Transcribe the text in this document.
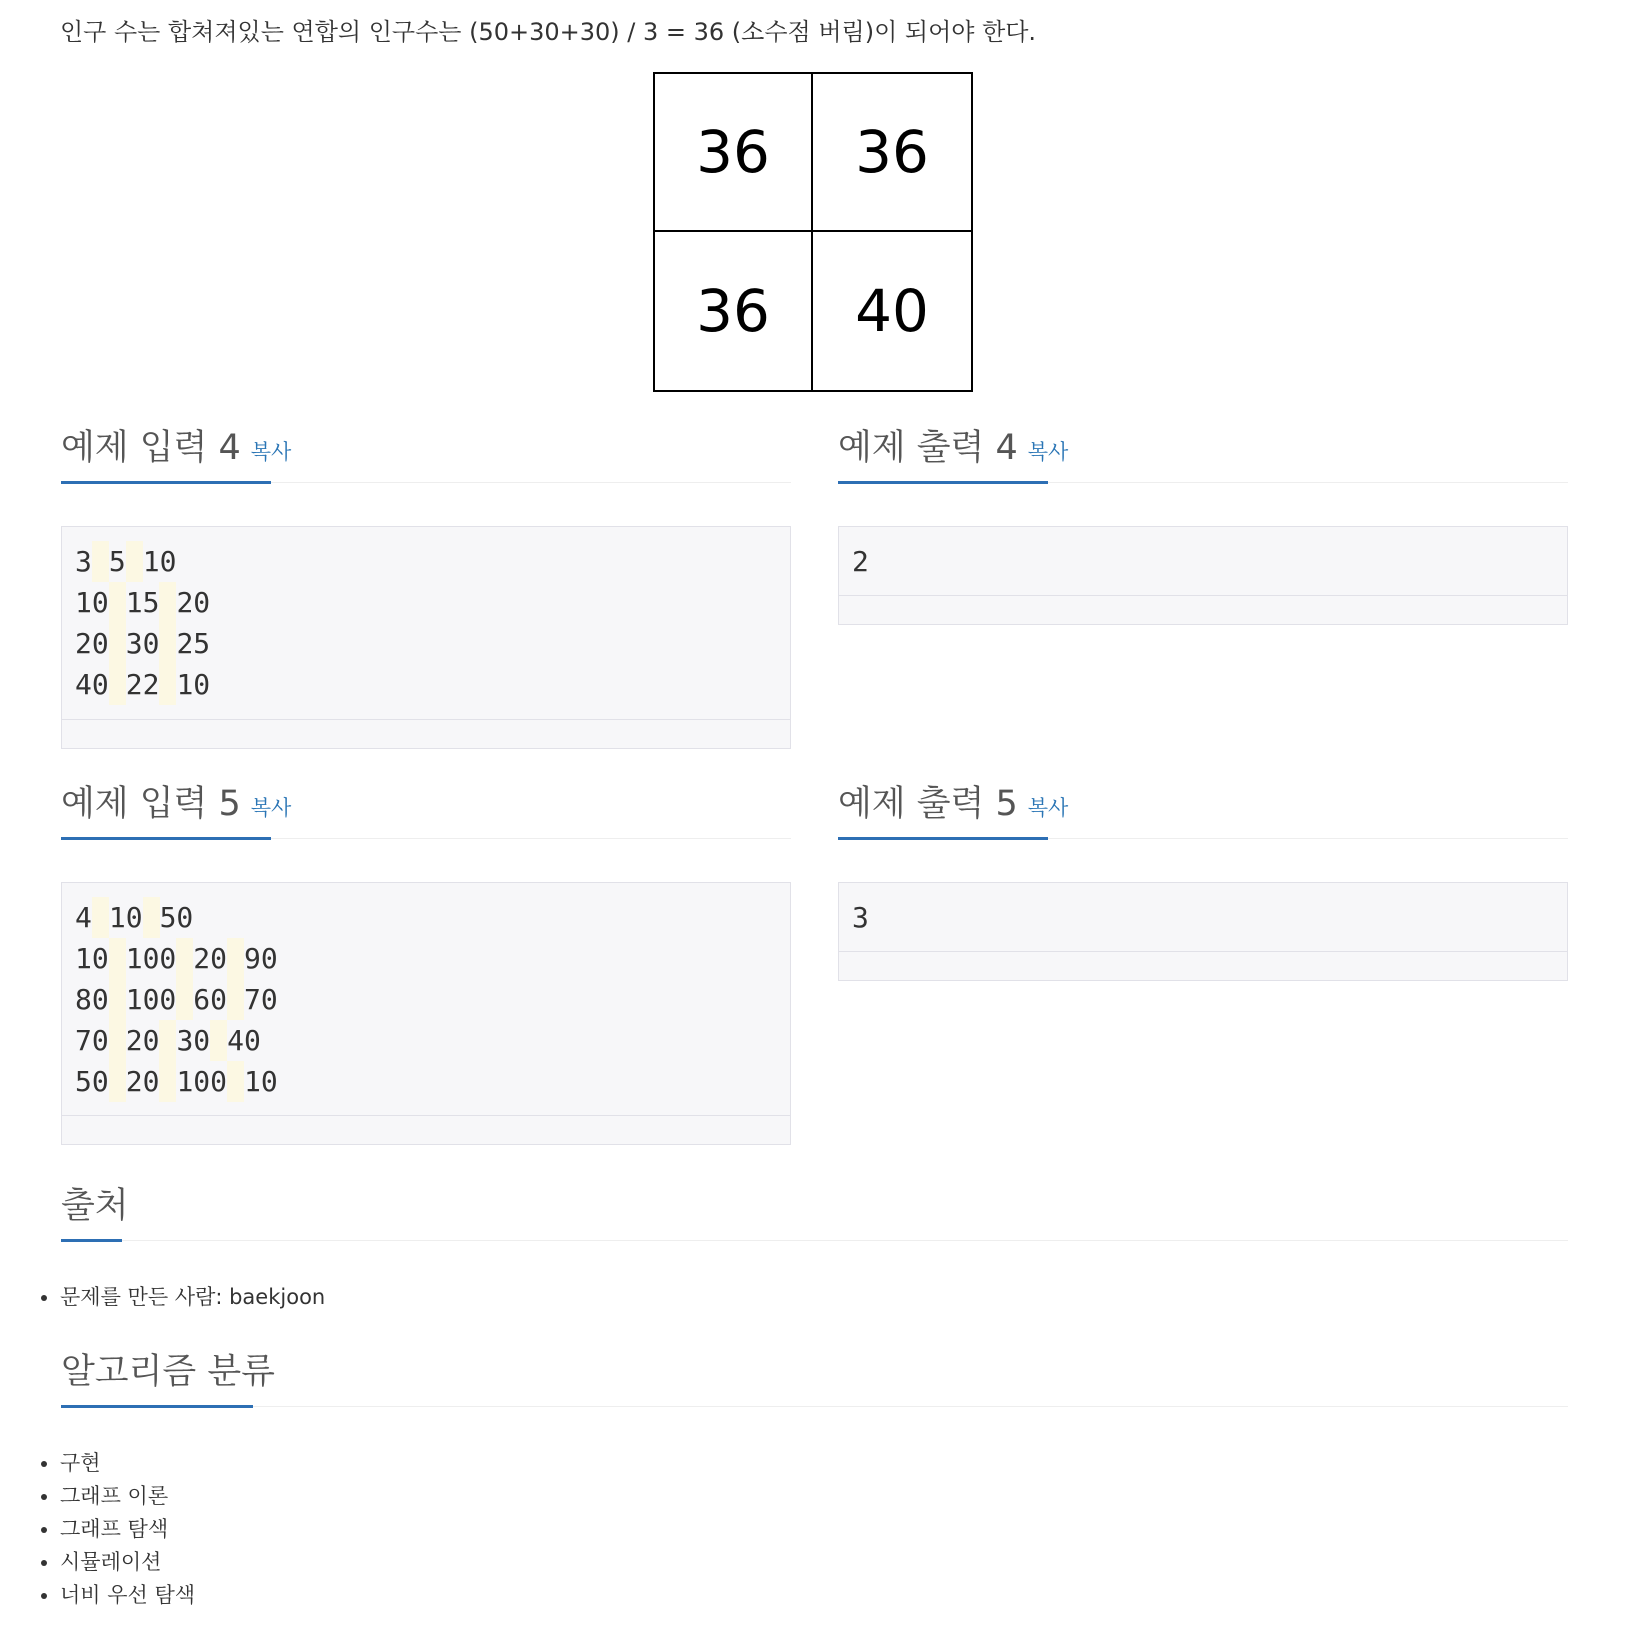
인구 수는 합쳐져있는 연합의 인구수는 (50+30+30) / 3 = 36 (소수점 버림)이 되어야 한다.
36	36
36	40
예제 입력 4 복사
3 5 10
10 15 20
20 30 25
40 22 10
예제 출력 4 복사
2
예제 입력 5 복사
4 10 50
10 100 20 90
80 100 60 70
70 20 30 40
50 20 100 10
예제 출력 5 복사
3
출처
• 문제를 만든 사람: baekjoon
알고리즘 분류
• 구현
• 그래프 이론
• 그래프 탐색
• 시뮬레이션
• 너비 우선 탐색
